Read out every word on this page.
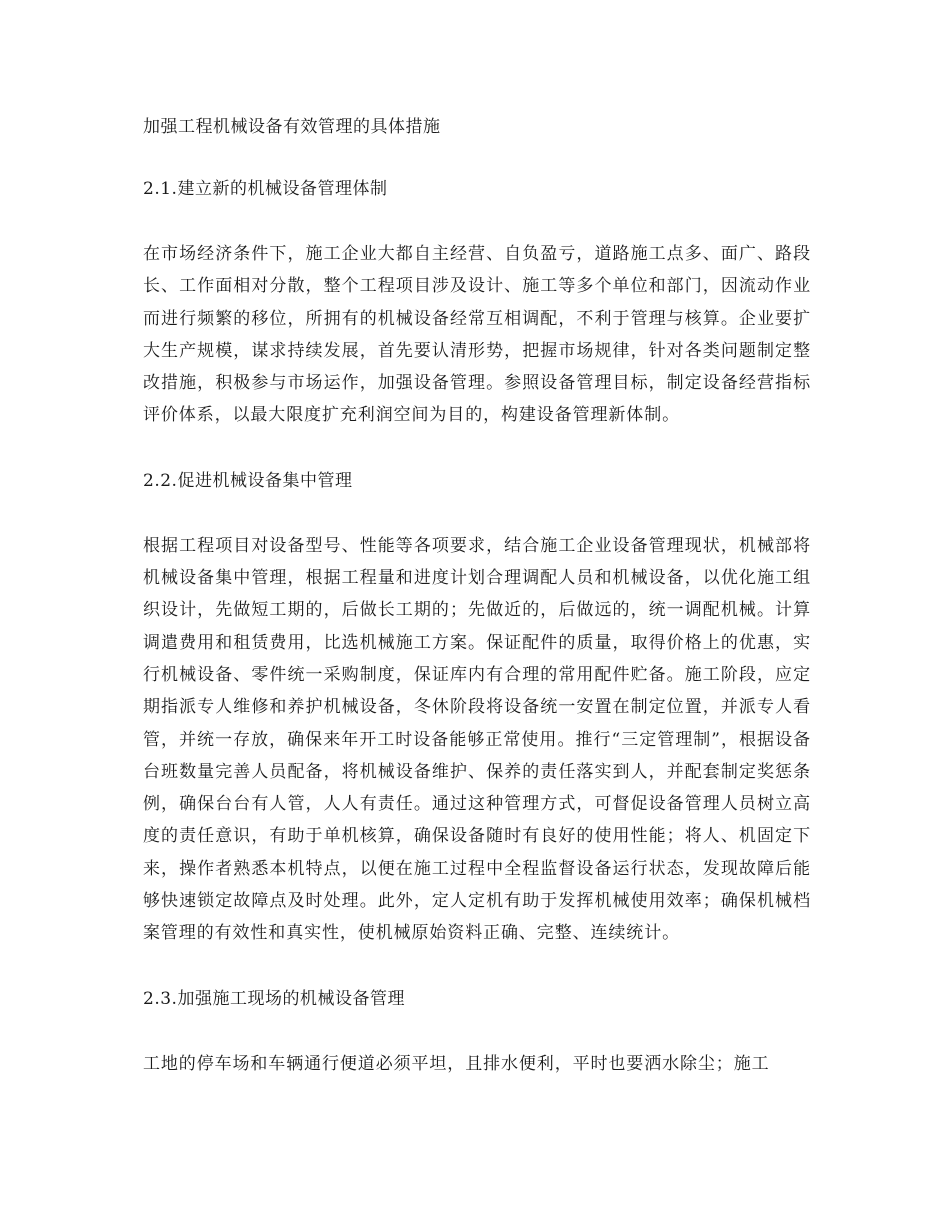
加强工程机械设备有效管理的具体措施

2.1.建立新的机械设备管理体制

在市场经济条件下，施工企业大都自主经营、自负盈亏，道路施工点多、面广、路段长、工作面相对分散，整个工程项目涉及设计、施工等多个单位和部门，因流动作业而进行频繁的移位，所拥有的机械设备经常互相调配，不利于管理与核算。企业要扩大生产规模，谋求持续发展，首先要认清形势，把握市场规律，针对各类问题制定整改措施，积极参与市场运作，加强设备管理。参照设备管理目标，制定设备经营指标评价体系，以最大限度扩充利润空间为目的，构建设备管理新体制。

2.2.促进机械设备集中管理

根据工程项目对设备型号、性能等各项要求，结合施工企业设备管理现状，机械部将机械设备集中管理，根据工程量和进度计划合理调配人员和机械设备，以优化施工组织设计，先做短工期的，后做长工期的；先做近的，后做远的，统一调配机械。计算调遣费用和租赁费用，比选机械施工方案。保证配件的质量，取得价格上的优惠，实行机械设备、零件统一采购制度，保证库内有合理的常用配件贮备。施工阶段，应定期指派专人维修和养护机械设备，冬休阶段将设备统一安置在制定位置，并派专人看管，并统一存放，确保来年开工时设备能够正常使用。推行“三定管理制”，根据设备台班数量完善人员配备，将机械设备维护、保养的责任落实到人，并配套制定奖惩条例，确保台台有人管，人人有责任。通过这种管理方式，可督促设备管理人员树立高度的责任意识，有助于单机核算，确保设备随时有良好的使用性能；将人、机固定下来，操作者熟悉本机特点，以便在施工过程中全程监督设备运行状态，发现故障后能够快速锁定故障点及时处理。此外，定人定机有助于发挥机械使用效率；确保机械档案管理的有效性和真实性，使机械原始资料正确、完整、连续统计。

2.3.加强施工现场的机械设备管理

工地的停车场和车辆通行便道必须平坦，且排水便利，平时也要洒水除尘；施工
